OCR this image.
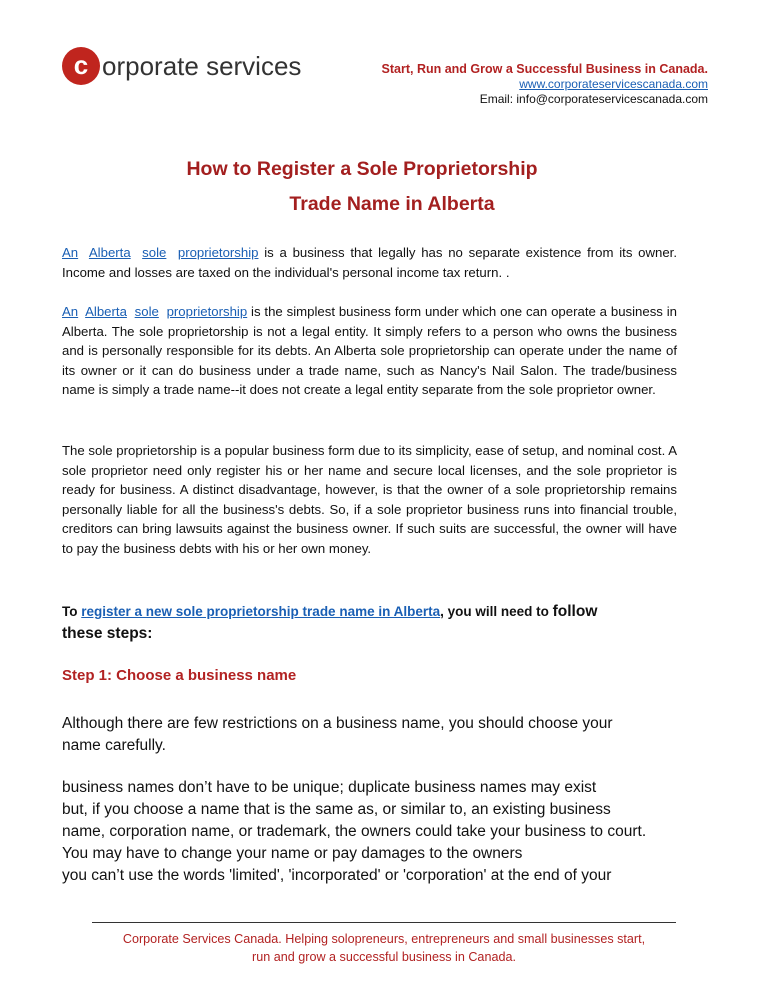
c orporate services	Start, Run and Grow a Successful Business in Canada.
www.corporateservicescanada.com
Email: info@corporateservicescanada.com
How to Register a Sole Proprietorship
Trade Name in Alberta
An Alberta sole proprietorship is a business that legally has no separate existence from its owner. Income and losses are taxed on the individual's personal income tax return. .
An Alberta sole proprietorship is the simplest business form under which one can operate a business in Alberta. The sole proprietorship is not a legal entity. It simply refers to a person who owns the business and is personally responsible for its debts. An Alberta sole proprietorship can operate under the name of its owner or it can do business under a trade name, such as Nancy's Nail Salon. The trade/business name is simply a trade name--it does not create a legal entity separate from the sole proprietor owner.
The sole proprietorship is a popular business form due to its simplicity, ease of setup, and nominal cost. A sole proprietor need only register his or her name and secure local licenses, and the sole proprietor is ready for business. A distinct disadvantage, however, is that the owner of a sole proprietorship remains personally liable for all the business's debts. So, if a sole proprietor business runs into financial trouble, creditors can bring lawsuits against the business owner. If such suits are successful, the owner will have to pay the business debts with his or her own money.
To register a new sole proprietorship trade name in Alberta, you will need to follow
these steps:
Step 1: Choose a business name
Although there are few restrictions on a business name, you should choose your name carefully.
business names don’t have to be unique; duplicate business names may exist
but, if you choose a name that is the same as, or similar to, an existing business
name, corporation name, or trademark, the owners could take your business to court.
You may have to change your name or pay damages to the owners
you can’t use the words 'limited', 'incorporated' or 'corporation' at the end of your
Corporate Services Canada. Helping solopreneurs, entrepreneurs and small businesses start,
run and grow a successful business in Canada.
